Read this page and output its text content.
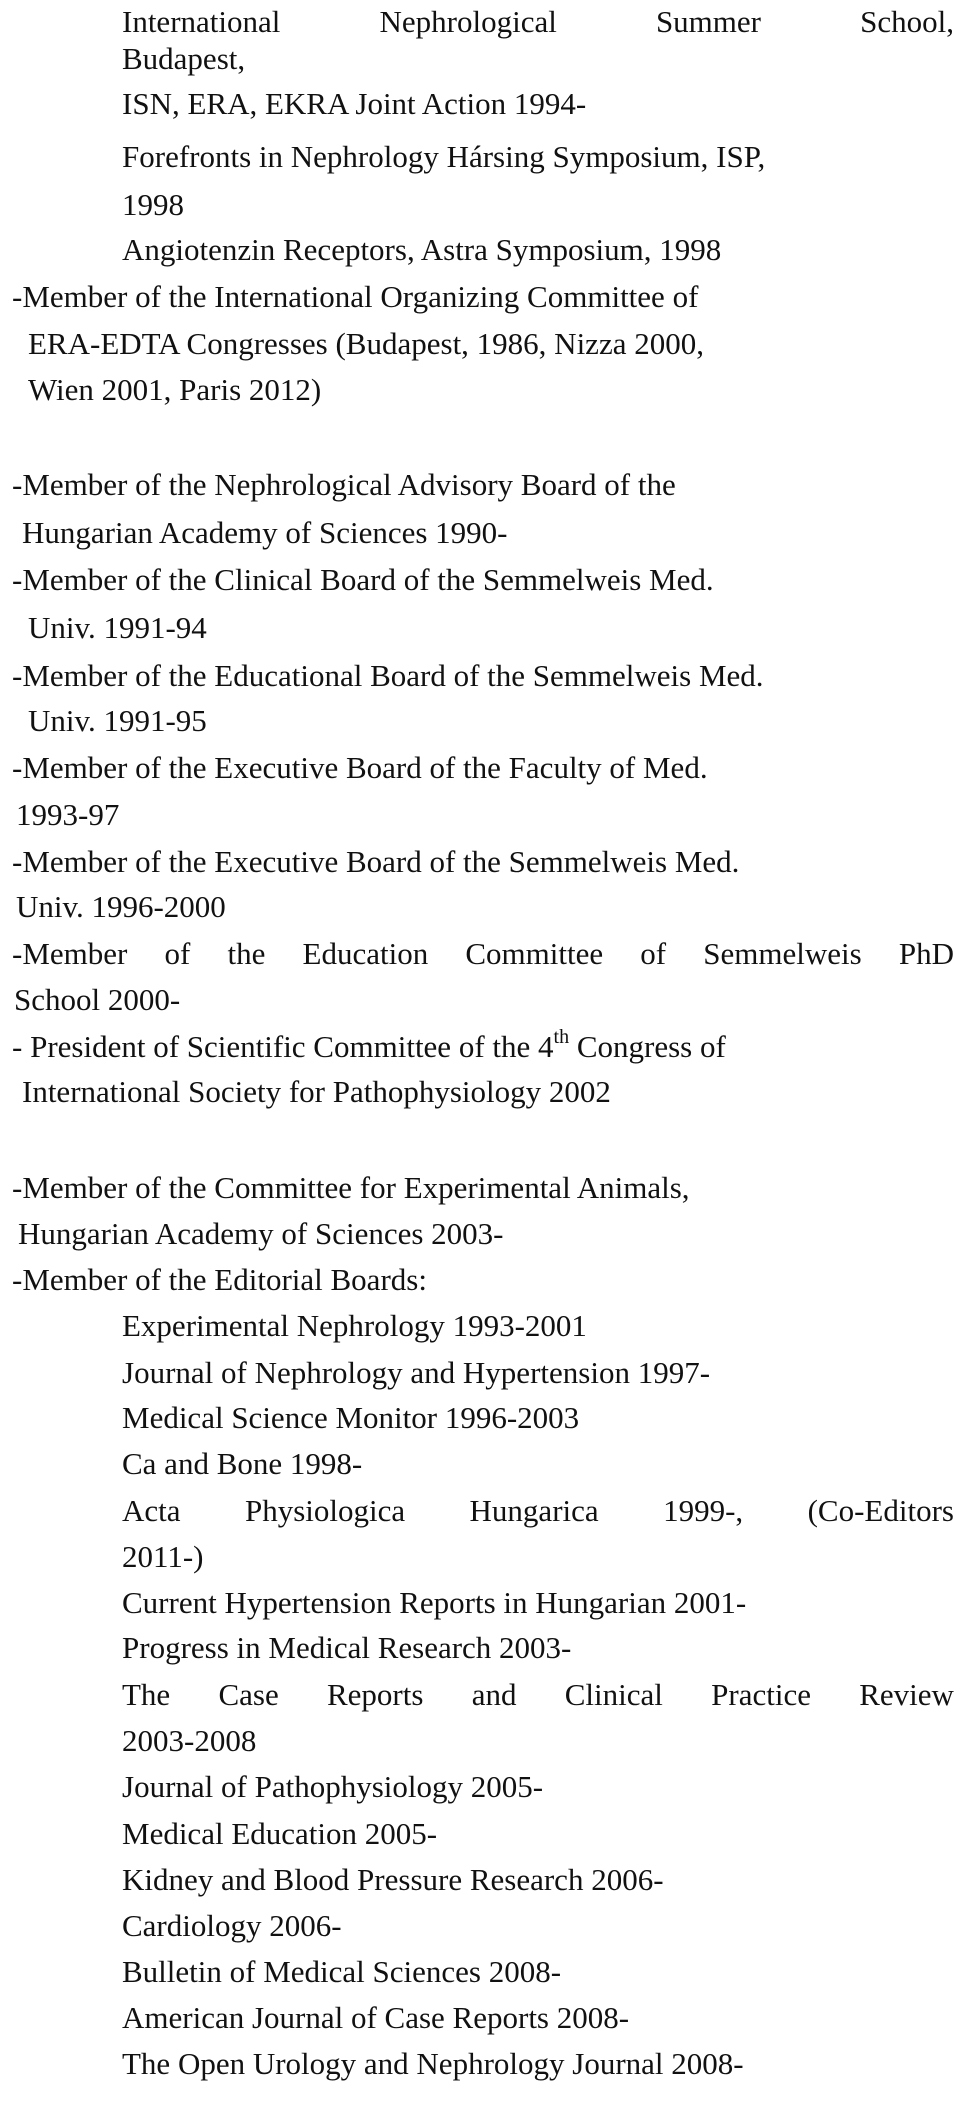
International	Nephrological	Summer	School,
Budapest,
ISN, ERA, EKRA Joint Action 1994-
Forefronts in Nephrology Hársing Symposium, ISP,
1998
Angiotenzin Receptors, Astra Symposium, 1998
-Member of the International Organizing Committee of
ERA-EDTA Congresses (Budapest, 1986, Nizza 2000,
Wien 2001, Paris 2012)
-Member of the Nephrological Advisory Board of the
Hungarian Academy of Sciences 1990-
-Member of the Clinical Board of the Semmelweis Med.
Univ. 1991-94
-Member of the Educational Board of the Semmelweis Med.
Univ. 1991-95
-Member of the Executive Board of the Faculty of Med.
1993-97
-Member of the Executive Board of the Semmelweis Med.
Univ. 1996-2000
-Member of the Education Committee of Semmelweis PhD
School 2000-
- President of Scientific Committee of the 4th Congress of
International Society for Pathophysiology 2002
-Member of the Committee for Experimental Animals,
Hungarian Academy of Sciences 2003-
-Member of the Editorial Boards:
Experimental Nephrology 1993-2001
Journal of Nephrology and Hypertension 1997-
Medical Science Monitor 1996-2003
Ca and Bone 1998-
Acta Physiologica Hungarica 1999-, (Co-Editors
2011-)
Current Hypertension Reports in Hungarian 2001-
Progress in Medical Research 2003-
The Case Reports and Clinical Practice Review
2003-2008
Journal of Pathophysiology 2005-
Medical Education 2005-
Kidney and Blood Pressure Research 2006-
Cardiology 2006-
Bulletin of Medical Sciences 2008-
American Journal of Case Reports 2008-
The Open Urology and Nephrology Journal 2008-
